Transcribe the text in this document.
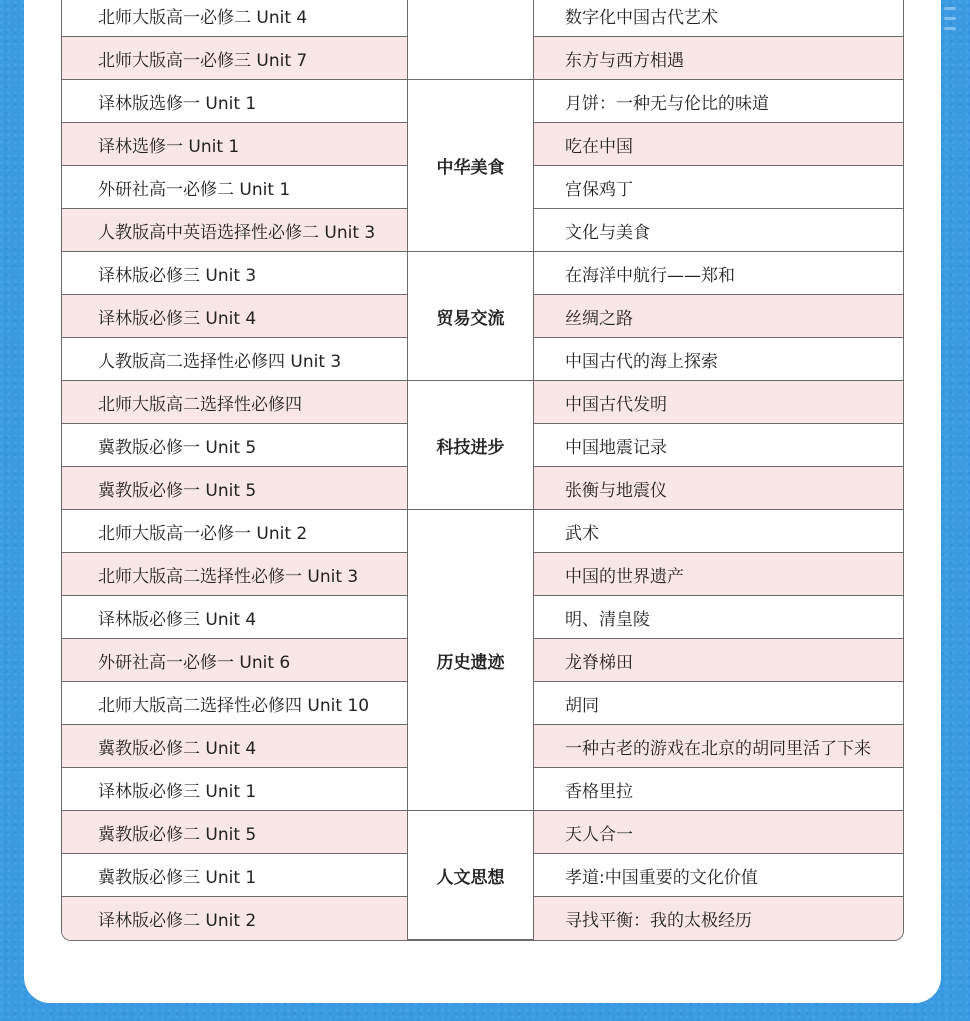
北师大版高一必修二 Unit 4		数字化中国古代艺术
北师大版高一必修三 Unit 7		东方与西方相遇
译林版选修一 Unit 1	中华美食	月饼：一种无与伦比的味道
译林选修一 Unit 1		吃在中国
外研社高一必修二 Unit 1		宫保鸡丁
人教版高中英语选择性必修二 Unit 3		文化与美食
译林版必修三 Unit 3	贸易交流	在海洋中航行——郑和
译林版必修三 Unit 4		丝绸之路
人教版高二选择性必修四 Unit 3		中国古代的海上探索
北师大版高二选择性必修四	科技进步	中国古代发明
冀教版必修一 Unit 5		中国地震记录
冀教版必修一 Unit 5		张衡与地震仪
北师大版高一必修一 Unit 2	历史遗迹	武术
北师大版高二选择性必修一 Unit 3		中国的世界遗产
译林版必修三 Unit 4		明、清皇陵
外研社高一必修一 Unit 6		龙脊梯田
北师大版高二选择性必修四 Unit 10		胡同
冀教版必修二 Unit 4		一种古老的游戏在北京的胡同里活了下来
译林版必修三 Unit 1		香格里拉
冀教版必修二 Unit 5	人文思想	天人合一
冀教版必修三 Unit 1		孝道:中国重要的文化价值
译林版必修二 Unit 2		寻找平衡：我的太极经历
